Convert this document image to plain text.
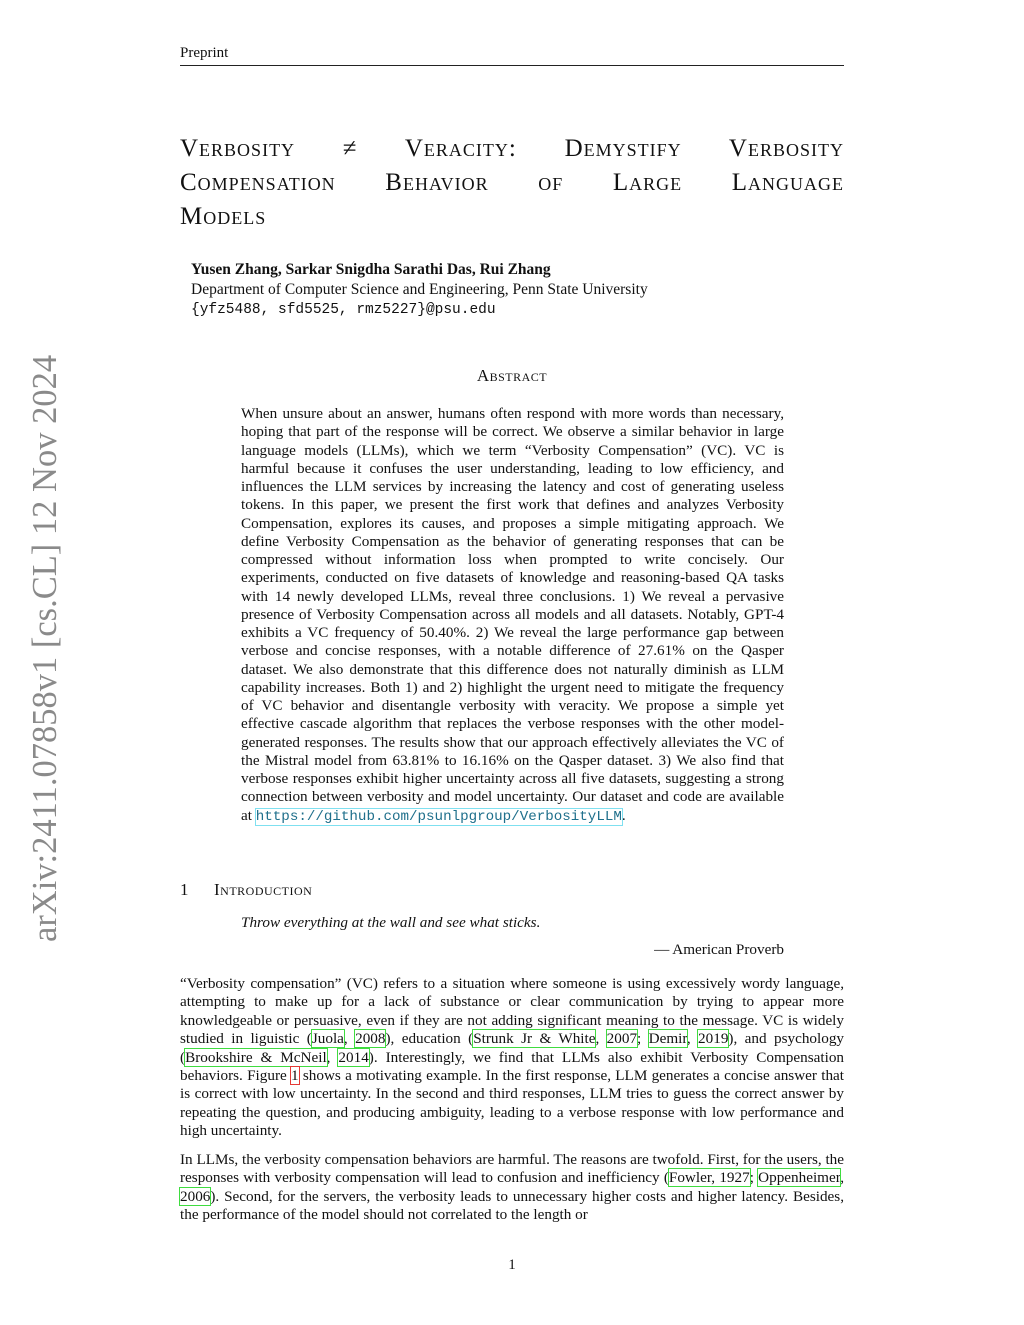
Preprint
Verbosity ≠ Veracity: Demystify Verbosity
Compensation Behavior of Large Language
Models
Yusen Zhang, Sarkar Snigdha Sarathi Das, Rui Zhang
Department of Computer Science and Engineering, Penn State University
{yfz5488, sfd5525, rmz5227}@psu.edu
arXiv:2411.07858v1 [cs.CL] 12 Nov 2024	Abstract

When unsure about an answer, humans often respond with more words than necessary, hoping that part of the response will be correct. We observe a similar behavior in large language models (LLMs), which we term “Verbosity Compensation” (VC). VC is harmful because it confuses the user understanding, leading to low efficiency, and influences the LLM services by increasing the latency and cost of generating useless tokens. In this paper, we present the first work that defines and analyzes Verbosity Compensation, explores its causes, and proposes a simple mitigating approach. We define Verbosity Compensation as the behavior of generating responses that can be compressed without information loss when prompted to write concisely. Our experiments, conducted on five datasets of knowledge and reasoning-based QA tasks with 14 newly developed LLMs, reveal three conclusions. 1) We reveal a pervasive presence of Verbosity Compensation across all models and all datasets. Notably, GPT-4 exhibits a VC frequency of 50.40%. 2) We reveal the large performance gap between verbose and concise responses, with a notable difference of 27.61% on the Qasper dataset. We also demonstrate that this difference does not naturally diminish as LLM capability increases. Both 1) and 2) highlight the urgent need to mitigate the frequency of VC behavior and disentangle verbosity with veracity. We propose a simple yet effective cascade algorithm that replaces the verbose responses with the other model-generated responses. The results show that our approach effectively alleviates the VC of the Mistral model from 63.81% to 16.16% on the Qasper dataset. 3) We also find that verbose responses exhibit higher uncertainty across all five datasets, suggesting a strong connection between verbosity and model uncertainty. Our dataset and code are available at https://github.com/psunlpgroup/VerbosityLLM.

1 Introduction
Throw everything at the wall and see what sticks.
— American Proverb

“Verbosity compensation” (VC) refers to a situation where someone is using excessively wordy language, attempting to make up for a lack of substance or clear communication by trying to appear more knowledgeable or persuasive, even if they are not adding significant meaning to the message. VC is widely studied in liguistic (Juola, 2008), education (Strunk Jr & White, 2007; Demir, 2019), and psychology (Brookshire & McNeil, 2014). Interestingly, we find that LLMs also exhibit Verbosity Compensation behaviors. Figure 1 shows a motivating example. In the first response, LLM generates a concise answer that is correct with low uncertainty. In the second and third responses, LLM tries to guess the correct answer by repeating the question, and producing ambiguity, leading to a verbose response with low performance and high uncertainty.

In LLMs, the verbosity compensation behaviors are harmful. The reasons are twofold. First, for the users, the responses with verbosity compensation will lead to confusion and inefficiency (Fowler, 1927; Oppenheimer, 2006). Second, for the servers, the verbosity leads to unnecessary higher costs and higher latency. Besides, the performance of the model should not correlated to the length or

1
